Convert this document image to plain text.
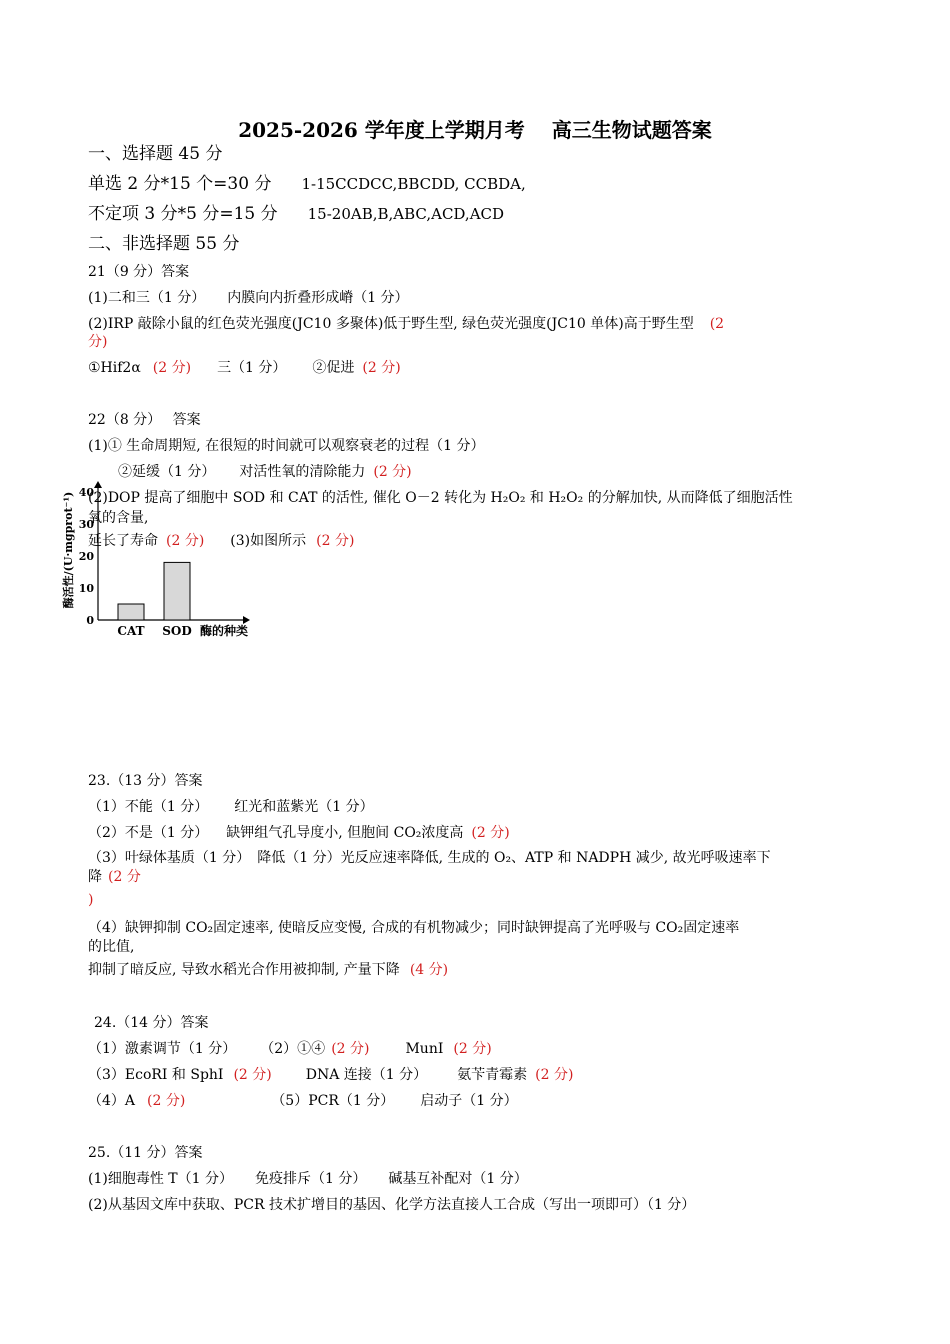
2025-2026 学年度上学期月考　 高三生物试题答案
一、选择题 45 分
单选 2 分*15 个=30 分 1-15CCDCC,BBCDD, CCBDA,
不定项 3 分*5 分=15 分 15-20AB,B,ABC,ACD,ACD
二、非选择题 55 分
21（9 分）答案
(1)二和三（1 分） 内膜向内折叠形成嵴（1 分）
(2)IRP 敲除小鼠的红色荧光强度(JC10 多聚体)低于野生型, 绿色荧光强度(JC10 单体)高于野生型 (2
分)
①Hif2α (2 分) 三（1 分） ②促进 (2 分)
22（8 分）　 答案
(1)① 生命周期短, 在很短的时间就可以观察衰老的过程（1 分）
②延缓（1 分） 对活性氧的清除能力 (2 分)
(2)DOP 提高了细胞中 SOD 和 CAT 的活性, 催化 O－2 转化为 H₂O₂ 和 H₂O₂ 的分解加快, 从而降低了细胞活性
氧的含量,
延长了寿命 (2 分) (3)如图所示 (2 分)
0
10
20
30
40
CAT SOD 酶的种类
酶活性/(U·mgprot⁻¹)
23.（13 分）答案
（1）不能（1 分） 红光和蓝紫光（1 分）
（2）不是（1 分） 缺钾组气孔导度小, 但胞间 CO₂浓度高 (2 分)
（3）叶绿体基质（1 分）　降低（1 分）光反应速率降低, 生成的 O₂、ATP 和 NADPH 减少, 故光呼吸速率下
降 (2 分
)
（4）缺钾抑制 CO₂固定速率, 使暗反应变慢, 合成的有机物减少；同时缺钾提高了光呼吸与 CO₂固定速率
的比值,
抑制了暗反应, 导致水稻光合作用被抑制, 产量下降 (4 分)
24.（14 分）答案
（1）激素调节（1 分） （2）①④ (2 分)	MunⅠ (2 分)
（3）EcoRⅠ 和 SphⅠ (2 分) DNA 连接（1 分） 氨苄青霉素 (2 分)
（4）A (2 分)	（5）PCR（1 分） 启动子（1 分）
25.（11 分）答案
(1)细胞毒性 T（1 分） 免疫排斥（1 分） 碱基互补配对（1 分）
(2)从基因文库中获取、PCR 技术扩增目的基因、化学方法直接人工合成（写出一项即可）（1 分）
